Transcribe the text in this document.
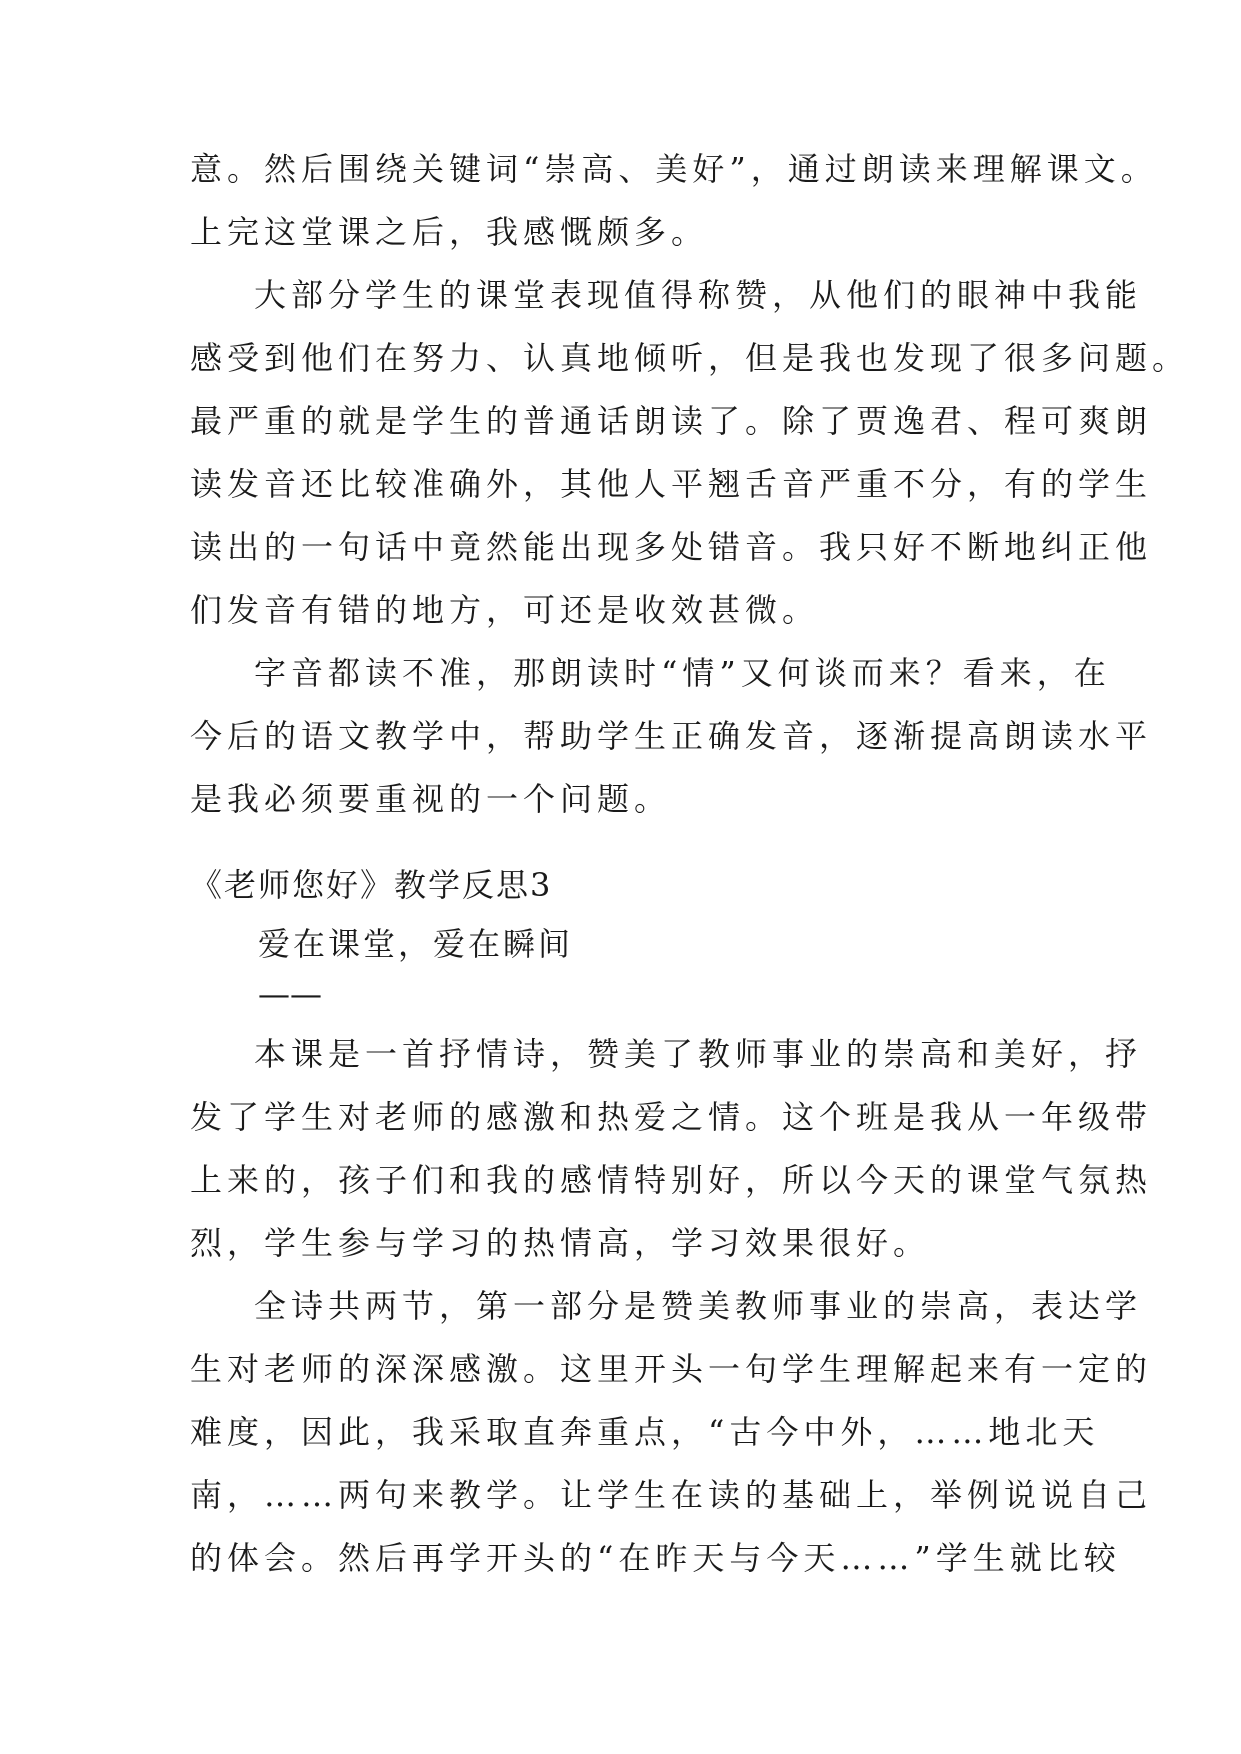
意。然后围绕关键词“崇高、美好”，通过朗读来理解课文。
上完这堂课之后，我感慨颇多。

大部分学生的课堂表现值得称赞，从他们的眼神中我能
感受到他们在努力、认真地倾听，但是我也发现了很多问题。
最严重的就是学生的普通话朗读了。除了贾逸君、程可爽朗
读发音还比较准确外，其他人平翘舌音严重不分，有的学生
读出的一句话中竟然能出现多处错音。我只好不断地纠正他
们发音有错的地方，可还是收效甚微。

字音都读不准，那朗读时“情”又何谈而来？看来，在
今后的语文教学中，帮助学生正确发音，逐渐提高朗读水平
是我必须要重视的一个问题。

《老师您好》教学反思3

爱在课堂，爱在瞬间

——

本课是一首抒情诗，赞美了教师事业的崇高和美好，抒
发了学生对老师的感激和热爱之情。这个班是我从一年级带
上来的，孩子们和我的感情特别好，所以今天的课堂气氛热
烈，学生参与学习的热情高，学习效果很好。

全诗共两节，第一部分是赞美教师事业的崇高，表达学
生对老师的深深感激。这里开头一句学生理解起来有一定的
难度，因此，我采取直奔重点，“古今中外，……地北天
南，……两句来教学。让学生在读的基础上，举例说说自己
的体会。然后再学开头的“在昨天与今天……”学生就比较
